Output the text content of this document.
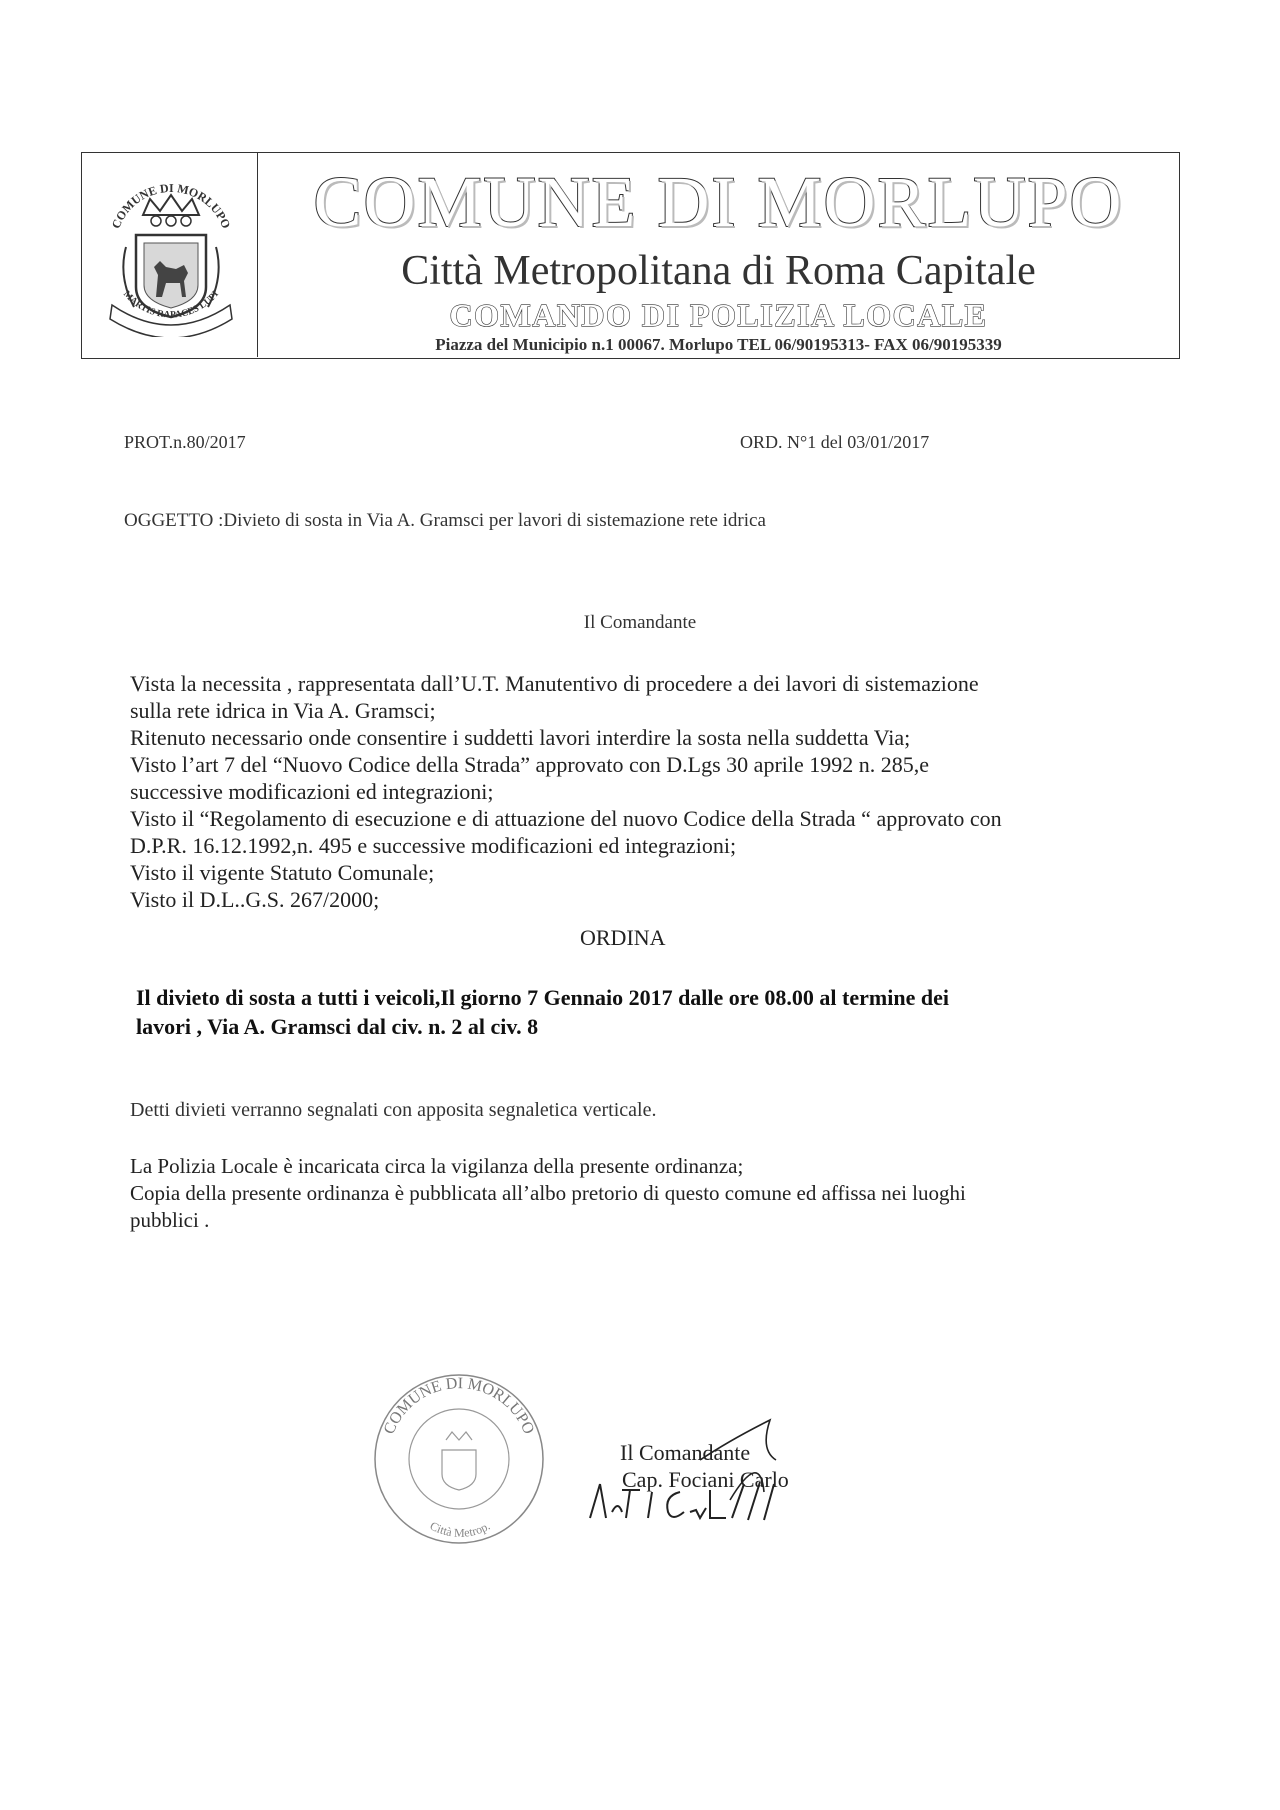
COMUNE DI MORLUPO
MARTIS RAPACES LUPI
COMUNE DI MORLUPO
Città Metropolitana di Roma Capitale
COMANDO DI POLIZIA LOCALE
Piazza del Municipio n.1 00067. Morlupo TEL 06/90195313- FAX 06/90195339
PROT.n.80/2017	ORD. N°1 del 03/01/2017
OGGETTO :Divieto di sosta in Via A. Gramsci per lavori di sistemazione rete idrica
Il Comandante
Vista la necessita , rappresentata dall’U.T. Manutentivo di procedere a dei lavori di sistemazione
sulla rete idrica in Via A. Gramsci;
Ritenuto necessario onde consentire i suddetti lavori interdire la sosta nella suddetta Via;
Visto l’art 7 del “Nuovo Codice della Strada” approvato con D.Lgs 30 aprile 1992 n. 285,e
successive modificazioni ed integrazioni;
Visto il “Regolamento di esecuzione e di attuazione del nuovo Codice della Strada “ approvato con
D.P.R. 16.12.1992,n. 495 e successive modificazioni ed integrazioni;
Visto il vigente Statuto Comunale;
Visto il D.L..G.S. 267/2000;
ORDINA
Il divieto di sosta a tutti i veicoli,Il giorno 7 Gennaio 2017 dalle ore 08.00 al termine dei
lavori , Via A. Gramsci dal civ. n. 2 al civ. 8
Detti divieti verranno segnalati con apposita segnaletica verticale.
La Polizia Locale è incaricata circa la vigilanza della presente ordinanza;
Copia della presente ordinanza è pubblicata all’albo pretorio di questo comune ed affissa nei luoghi
pubblici .
COMUNE DI MORLUPO
Città Metrop.
Il Comandante
Cap. Fociani Carlo
